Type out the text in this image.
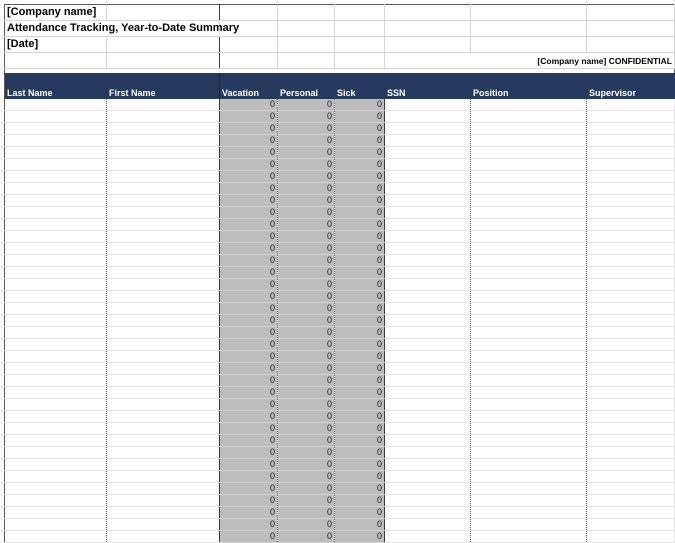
[Company name]							
Attendance Tracking, Year-to-Date Summary							
[Date]							
					[Company name] CONFIDENTIAL		

Last Name	First Name	Vacation	Personal	Sick	SSN	Position	Supervisor
		0	0	0			
		0	0	0			
		0	0	0			
		0	0	0			
		0	0	0			
		0	0	0			
		0	0	0			
		0	0	0			
		0	0	0			
		0	0	0			
		0	0	0			
		0	0	0			
		0	0	0			
		0	0	0			
		0	0	0			
		0	0	0			
		0	0	0			
		0	0	0			
		0	0	0			
		0	0	0			
		0	0	0			
		0	0	0			
		0	0	0			
		0	0	0			
		0	0	0			
		0	0	0			
		0	0	0			
		0	0	0			
		0	0	0			
		0	0	0			
		0	0	0			
		0	0	0			
		0	0	0			
		0	0	0			
		0	0	0			
		0	0	0			
		0	0	0			
